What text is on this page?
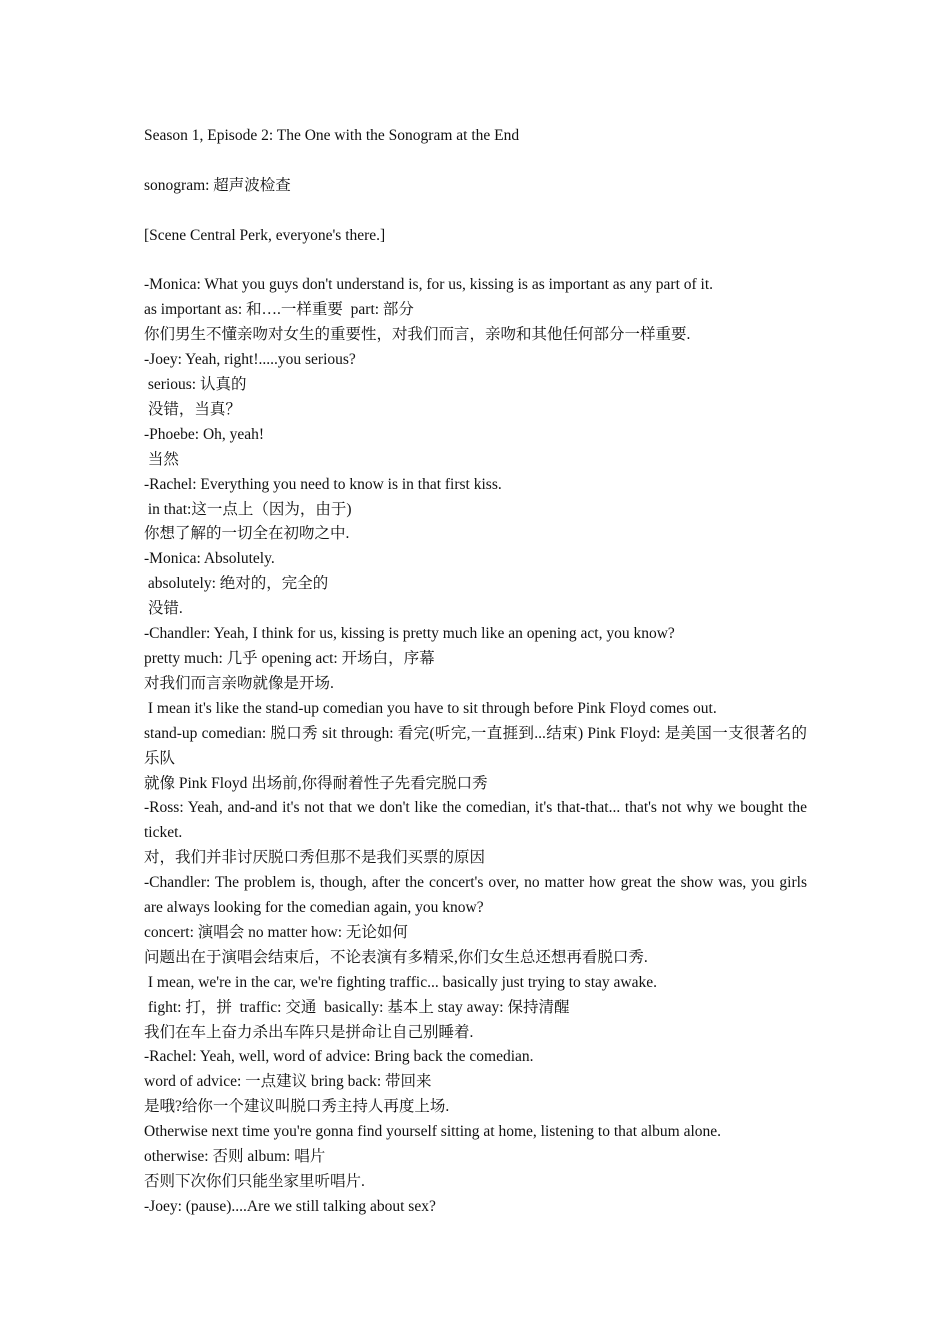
Season 1, Episode 2: The One with the Sonogram at the End

sonogram: 超声波检查

[Scene Central Perk, everyone's there.]

-Monica: What you guys don't understand is, for us, kissing is as important as any part of it.

as important as: 和….一样重要  part: 部分

你们男生不懂亲吻对女生的重要性，对我们而言，亲吻和其他任何部分一样重要.

-Joey: Yeah, right!.....you serious?

serious: 认真的

没错，当真？

-Phoebe: Oh, yeah!

当然

-Rachel: Everything you need to know is in that first kiss.

in that:这一点上（因为，由于)

你想了解的一切全在初吻之中.

-Monica: Absolutely.

absolutely: 绝对的，完全的

没错.

-Chandler: Yeah, I think for us, kissing is pretty much like an opening act, you know?

pretty much: 几乎 opening act: 开场白，序幕

对我们而言亲吻就像是开场.

I mean it's like the stand-up comedian you have to sit through before Pink Floyd comes out.

stand-up comedian: 脱口秀 sit through: 看完(听完,一直捱到...结束) Pink Floyd: 是美国一支很著名的乐队

就像 Pink Floyd 出场前,你得耐着性子先看完脱口秀

-Ross: Yeah, and-and it's not that we don't like the comedian, it's that-that... that's not why we bought the ticket.

对，我们并非讨厌脱口秀但那不是我们买票的原因

-Chandler: The problem is, though, after the concert's over, no matter how great the show was, you girls are always looking for the comedian again, you know?

concert: 演唱会 no matter how: 无论如何

问题出在于演唱会结束后，不论表演有多精采,你们女生总还想再看脱口秀.

I mean, we're in the car, we're fighting traffic... basically just trying to stay awake.

fight: 打，拼  traffic: 交通  basically: 基本上 stay away: 保持清醒

我们在车上奋力杀出车阵只是拼命让自己别睡着.

-Rachel: Yeah, well, word of advice: Bring back the comedian.

word of advice: 一点建议 bring back: 带回来

是哦?给你一个建议叫脱口秀主持人再度上场.

Otherwise next time you're gonna find yourself sitting at home, listening to that album alone.

otherwise: 否则 album: 唱片

否则下次你们只能坐家里听唱片.

-Joey: (pause)....Are we still talking about sex?
